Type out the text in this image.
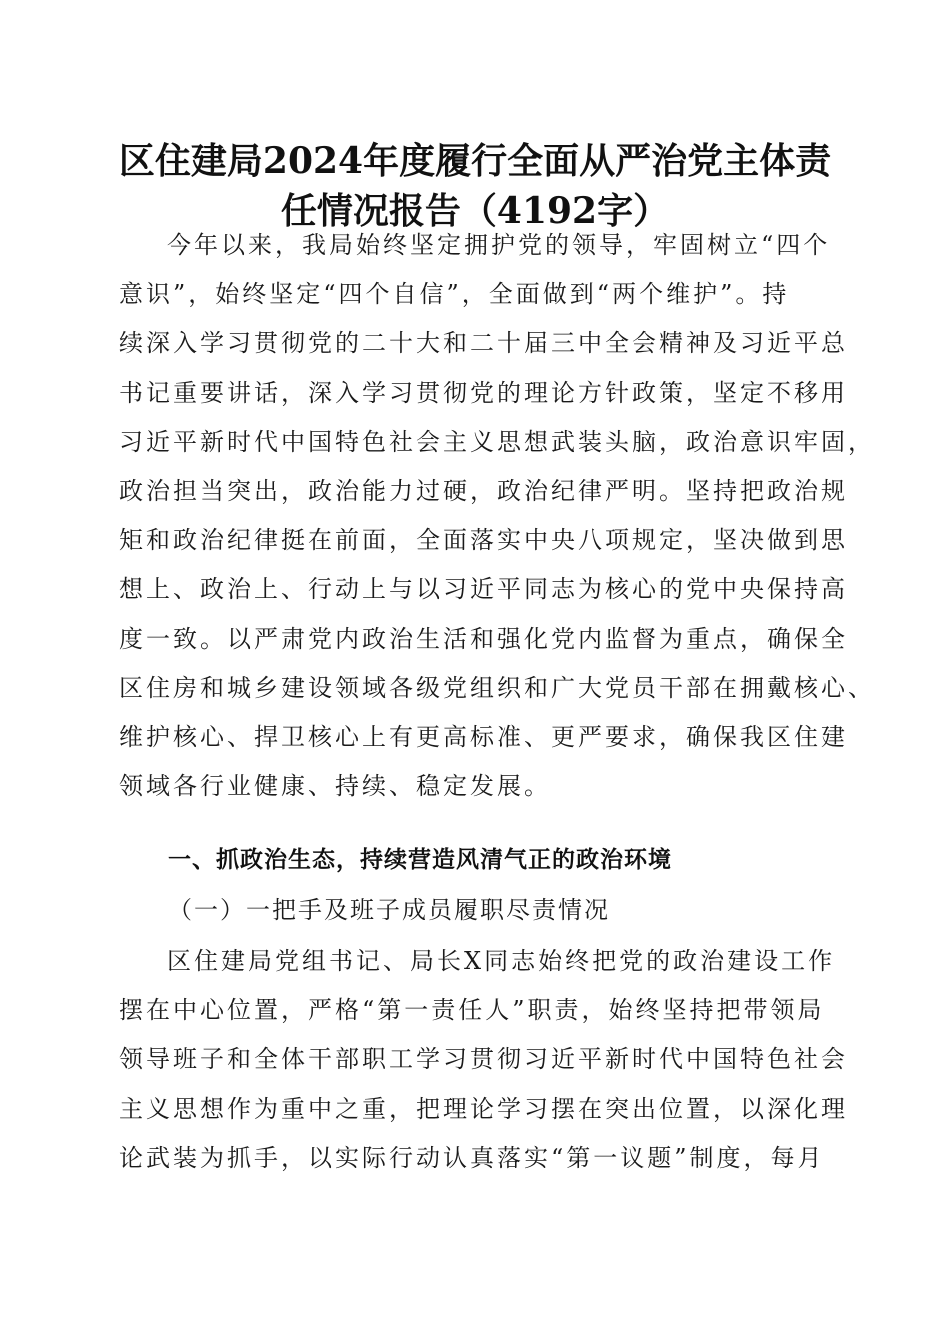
区住建局2024年度履行全面从严治党主体责
任情况报告（4192字）
今年以来，我局始终坚定拥护党的领导，牢固树立“四个
意识”，始终坚定“四个自信”，全面做到“两个维护”。持
续深入学习贯彻党的二十大和二十届三中全会精神及习近平总
书记重要讲话，深入学习贯彻党的理论方针政策，坚定不移用
习近平新时代中国特色社会主义思想武装头脑，政治意识牢固，
政治担当突出，政治能力过硬，政治纪律严明。坚持把政治规
矩和政治纪律挺在前面，全面落实中央八项规定，坚决做到思
想上、政治上、行动上与以习近平同志为核心的党中央保持高
度一致。以严肃党内政治生活和强化党内监督为重点，确保全
区住房和城乡建设领域各级党组织和广大党员干部在拥戴核心、
维护核心、捍卫核心上有更高标准、更严要求，确保我区住建
领域各行业健康、持续、稳定发展。
一、抓政治生态，持续营造风清气正的政治环境
（一）一把手及班子成员履职尽责情况
区住建局党组书记、局长X同志始终把党的政治建设工作
摆在中心位置，严格“第一责任人”职责，始终坚持把带领局
领导班子和全体干部职工学习贯彻习近平新时代中国特色社会
主义思想作为重中之重，把理论学习摆在突出位置，以深化理
论武装为抓手，以实际行动认真落实“第一议题”制度，每月
